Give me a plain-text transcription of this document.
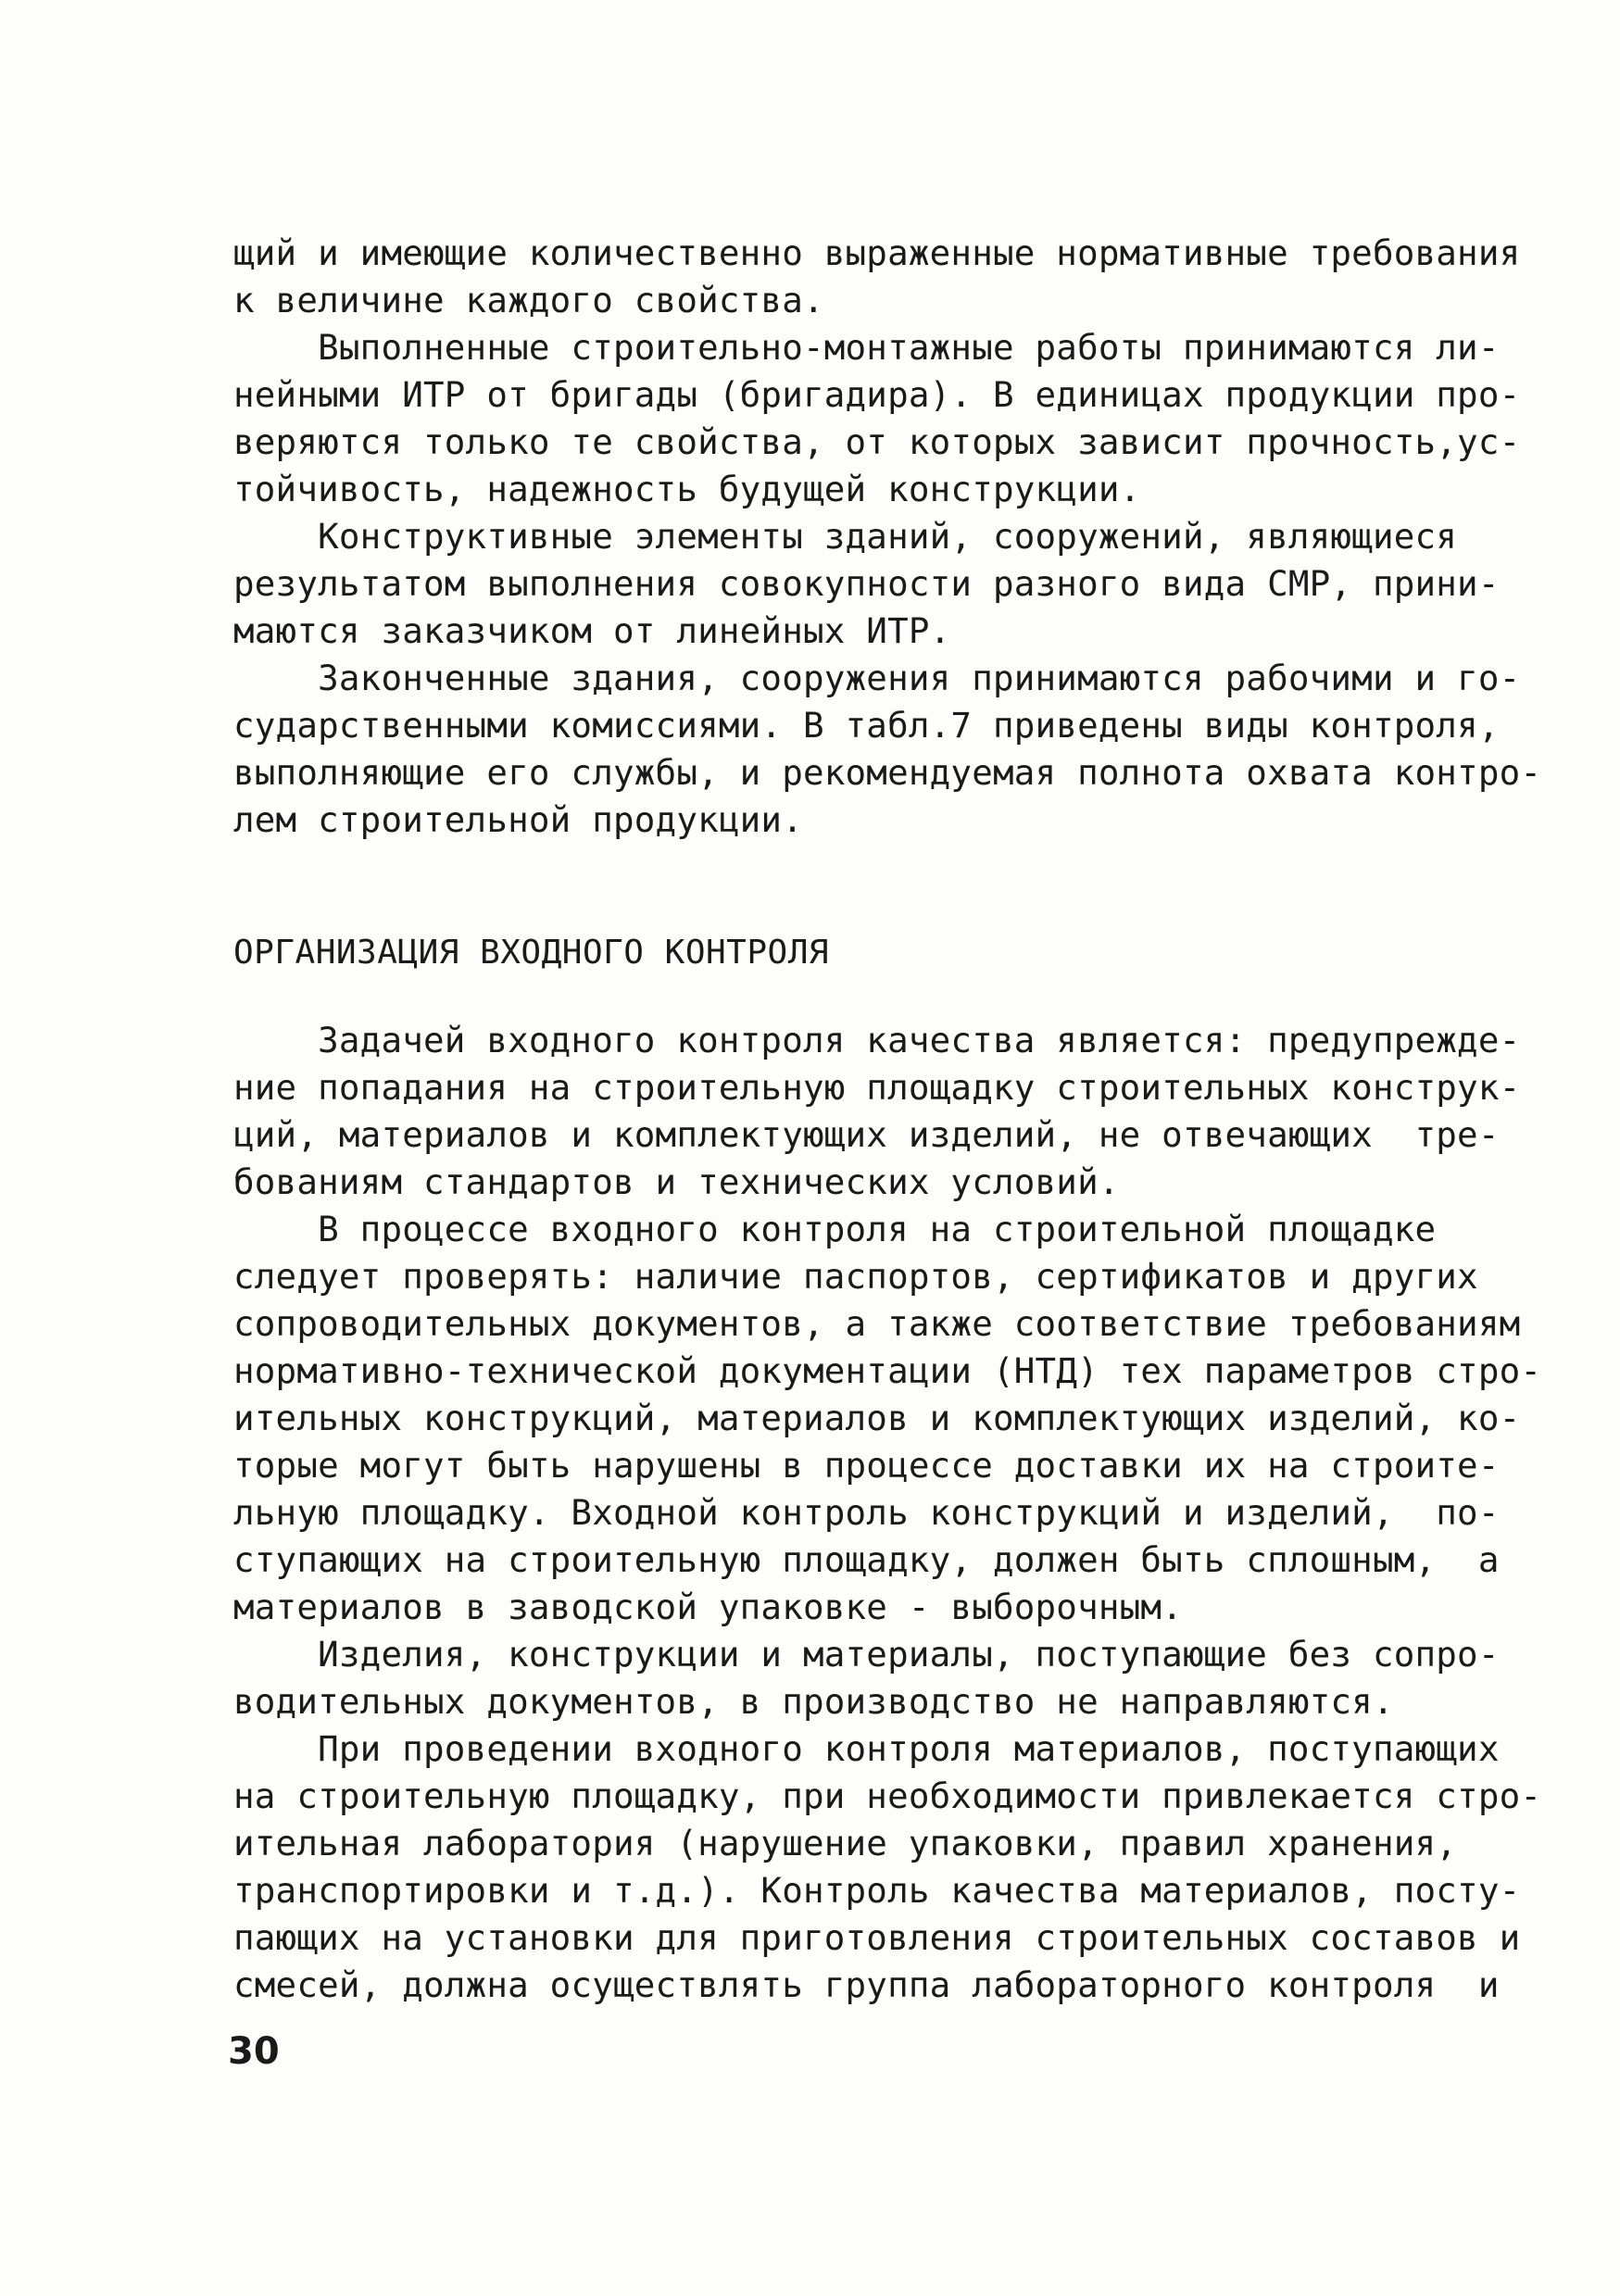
щий и имеющие количественно выраженные нормативные требования
к величине каждого свойства.
Выполненные строительно-монтажные работы принимаются ли-
нейными ИТР от бригады (бригадира). В единицах продукции про-
веряются только те свойства, от которых зависит прочность,ус-
тойчивость, надежность будущей конструкции.
Конструктивные элементы зданий, сооружений, являющиеся
результатом выполнения совокупности разного вида СМР, прини-
маются заказчиком от линейных ИТР.
Законченные здания, сооружения принимаются рабочими и го-
сударственными комиссиями. В табл.7 приведены виды контроля,
выполняющие его службы, и рекомендуемая полнота охвата контро-
лем строительной продукции.
ОРГАНИЗАЦИЯ ВХОДНОГО КОНТРОЛЯ
Задачей входного контроля качества является: предупрежде-
ние попадания на строительную площадку строительных конструк-
ций, материалов и комплектующих изделий, не отвечающих  тре-
бованиям стандартов и технических условий.
В процессе входного контроля на строительной площадке
следует проверять: наличие паспортов, сертификатов и других
сопроводительных документов, а также соответствие требованиям
нормативно-технической документации (НТД) тех параметров стро-
ительных конструкций, материалов и комплектующих изделий, ко-
торые могут быть нарушены в процессе доставки их на строите-
льную площадку. Входной контроль конструкций и изделий,  по-
ступающих на строительную площадку, должен быть сплошным,  а
материалов в заводской упаковке - выборочным.
Изделия, конструкции и материалы, поступающие без сопро-
водительных документов, в производство не направляются.
При проведении входного контроля материалов, поступающих
на строительную площадку, при необходимости привлекается стро-
ительная лаборатория (нарушение упаковки, правил хранения,
транспортировки и т.д.). Контроль качества материалов, посту-
пающих на установки для приготовления строительных составов и
смесей, должна осуществлять группа лабораторного контроля  и
30
